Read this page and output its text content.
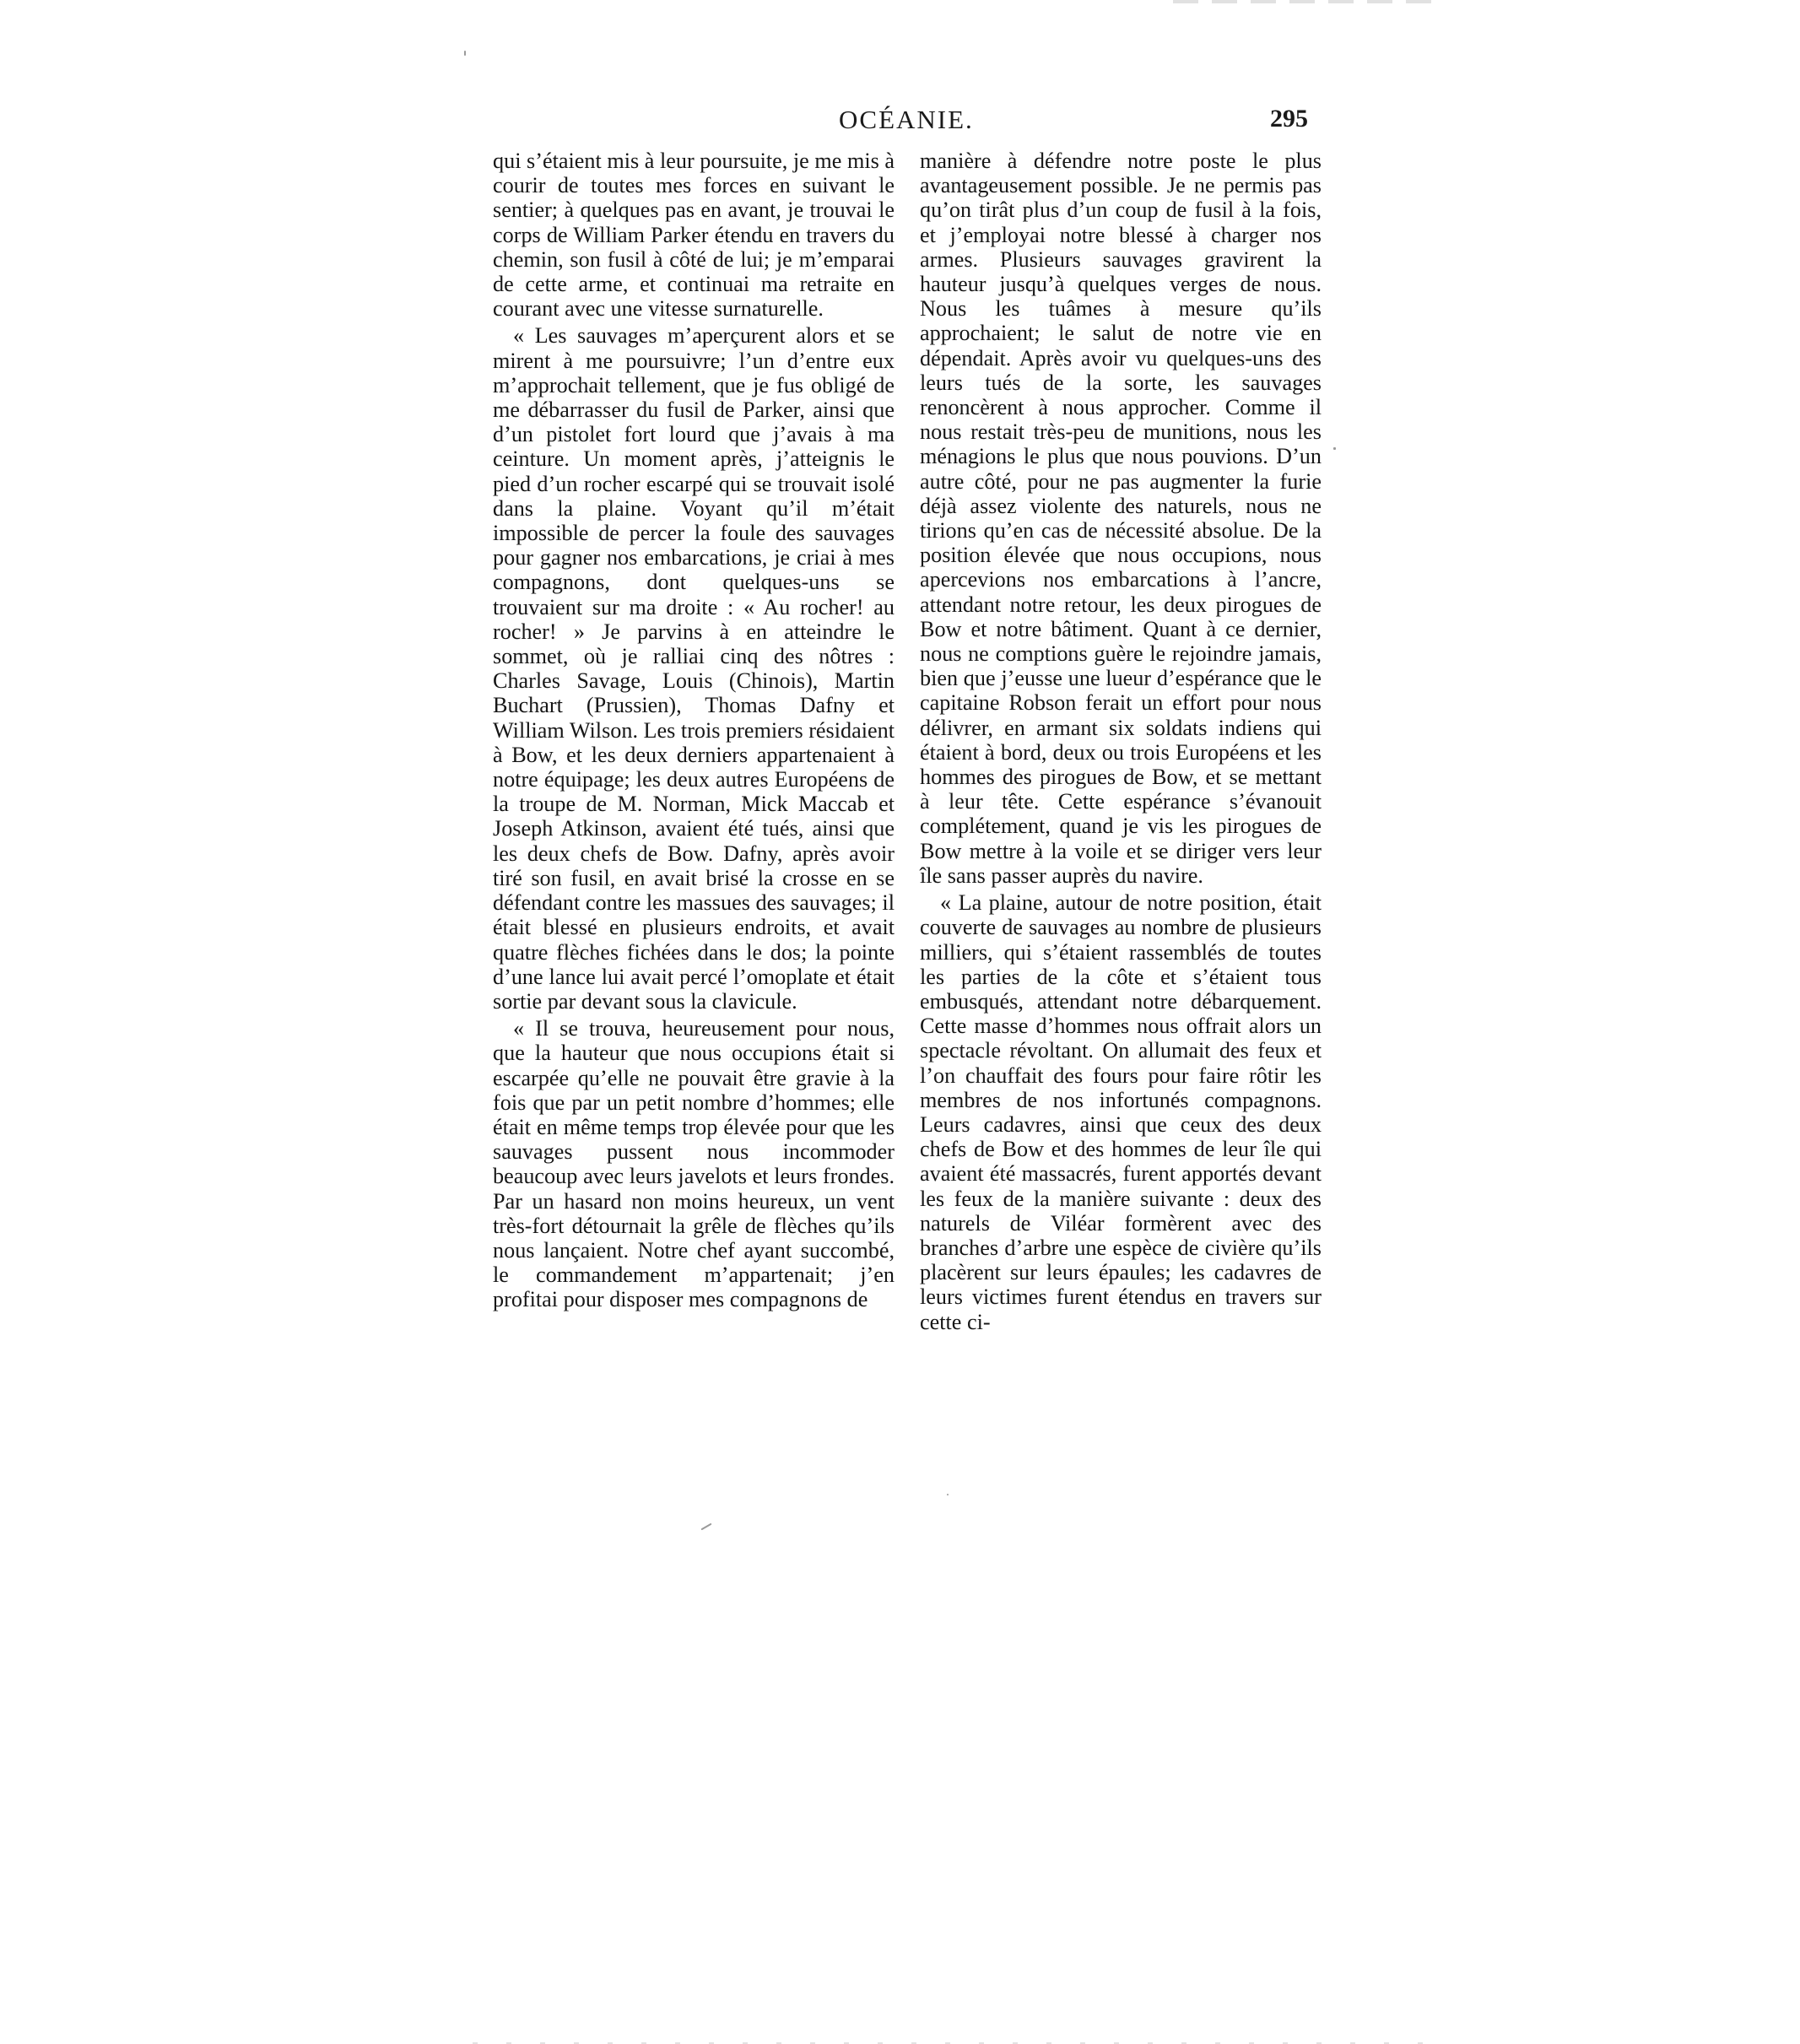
OCÉANIE.	295

qui s’étaient mis à leur poursuite, je me mis à courir de toutes mes forces en suivant le sentier; à quelques pas en avant, je trouvai le corps de William Parker étendu en travers du chemin, son fusil à côté de lui; je m’emparai de cette arme, et continuai ma retraite en courant avec une vitesse surnaturelle.

« Les sauvages m’aperçurent alors et se mirent à me poursuivre; l’un d’entre eux m’approchait tellement, que je fus obligé de me débarrasser du fusil de Parker, ainsi que d’un pistolet fort lourd que j’avais à ma ceinture. Un moment après, j’atteignis le pied d’un rocher escarpé qui se trouvait isolé dans la plaine. Voyant qu’il m’était impossible de percer la foule des sauvages pour gagner nos embarcations, je criai à mes compagnons, dont quelques-uns se trouvaient sur ma droite : « Au rocher! au rocher! » Je parvins à en atteindre le sommet, où je ralliai cinq des nôtres : Charles Savage, Louis (Chinois), Martin Buchart (Prussien), Thomas Dafny et William Wilson. Les trois premiers résidaient à Bow, et les deux derniers appartenaient à notre équipage; les deux autres Européens de la troupe de M. Norman, Mick Maccab et Joseph Atkinson, avaient été tués, ainsi que les deux chefs de Bow. Dafny, après avoir tiré son fusil, en avait brisé la crosse en se défendant contre les massues des sauvages; il était blessé en plusieurs endroits, et avait quatre flèches fichées dans le dos; la pointe d’une lance lui avait percé l’omoplate et était sortie par devant sous la clavicule.

« Il se trouva, heureusement pour nous, que la hauteur que nous occupions était si escarpée qu’elle ne pouvait être gravie à la fois que par un petit nombre d’hommes; elle était en même temps trop élevée pour que les sauvages pussent nous incommoder beaucoup avec leurs javelots et leurs frondes. Par un hasard non moins heureux, un vent très-fort détournait la grêle de flèches qu’ils nous lançaient. Notre chef ayant succombé, le commandement m’appartenait; j’en profitai pour disposer mes compagnons de

manière à défendre notre poste le plus avantageusement possible. Je ne permis pas qu’on tirât plus d’un coup de fusil à la fois, et j’employai notre blessé à charger nos armes. Plusieurs sauvages gravirent la hauteur jusqu’à quelques verges de nous. Nous les tuâmes à mesure qu’ils approchaient; le salut de notre vie en dépendait. Après avoir vu quelques-uns des leurs tués de la sorte, les sauvages renoncèrent à nous approcher. Comme il nous restait très-peu de munitions, nous les ménagions le plus que nous pouvions. D’un autre côté, pour ne pas augmenter la furie déjà assez violente des naturels, nous ne tirions qu’en cas de nécessité absolue. De la position élevée que nous occupions, nous apercevions nos embarcations à l’ancre, attendant notre retour, les deux pirogues de Bow et notre bâtiment. Quant à ce dernier, nous ne comptions guère le rejoindre jamais, bien que j’eusse une lueur d’espérance que le capitaine Robson ferait un effort pour nous délivrer, en armant six soldats indiens qui étaient à bord, deux ou trois Européens et les hommes des pirogues de Bow, et se mettant à leur tête. Cette espérance s’évanouit complétement, quand je vis les pirogues de Bow mettre à la voile et se diriger vers leur île sans passer auprès du navire.

« La plaine, autour de notre position, était couverte de sauvages au nombre de plusieurs milliers, qui s’étaient rassemblés de toutes les parties de la côte et s’étaient tous embusqués, attendant notre débarquement. Cette masse d’hommes nous offrait alors un spectacle révoltant. On allumait des feux et l’on chauffait des fours pour faire rôtir les membres de nos infortunés compagnons. Leurs cadavres, ainsi que ceux des deux chefs de Bow et des hommes de leur île qui avaient été massacrés, furent apportés devant les feux de la manière suivante : deux des naturels de Viléar formèrent avec des branches d’arbre une espèce de civière qu’ils placèrent sur leurs épaules; les cadavres de leurs victimes furent étendus en travers sur cette ci-
